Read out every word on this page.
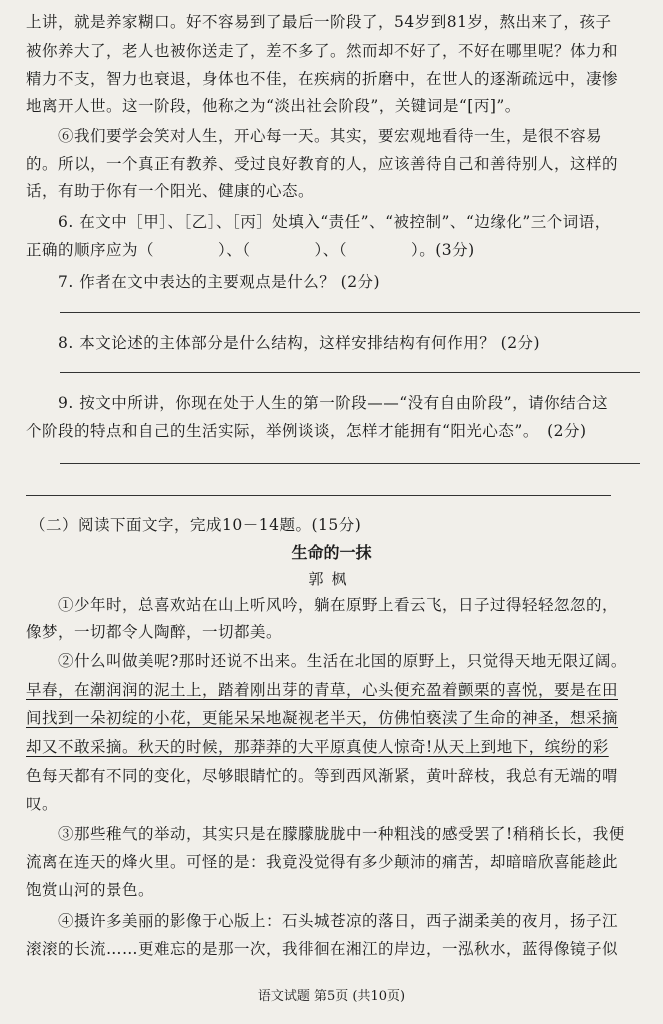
上讲，就是养家糊口。好不容易到了最后一阶段了，54岁到81岁，熬出来了，孩子
被你养大了，老人也被你送走了，差不多了。然而却不好了，不好在哪里呢？体力和
精力不支，智力也衰退，身体也不佳，在疾病的折磨中，在世人的逐渐疏远中，凄惨
地离开人世。这一阶段，他称之为“淡出社会阶段”，关键词是“[丙]”。
⑥我们要学会笑对人生，开心每一天。其实，要宏观地看待一生，是很不容易
的。所以，一个真正有教养、受过良好教育的人，应该善待自己和善待别人，这样的
话，有助于你有一个阳光、健康的心态。
6. 在文中［甲］、［乙］、［丙］处填入“责任”、“被控制”、“边缘化”三个词语，
正确的顺序应为（　　　　）、（　　　　）、（　　　　）。(3分)
7. 作者在文中表达的主要观点是什么？ (2分)
8. 本文论述的主体部分是什么结构，这样安排结构有何作用？ (2分)
9. 按文中所讲，你现在处于人生的第一阶段——“没有自由阶段”，请你结合这
个阶段的特点和自己的生活实际，举例谈谈，怎样才能拥有“阳光心态”。　(2分)
（二）阅读下面文字，完成10－14题。(15分)
生命的一抹
郭枫
①少年时，总喜欢站在山上听风吟，躺在原野上看云飞，日子过得轻轻忽忽的，
像梦，一切都令人陶醉，一切都美。
②什么叫做美呢?那时还说不出来。生活在北国的原野上，只觉得天地无限辽阔。
早春，在潮润润的泥土上，踏着刚出芽的青草，心头便充盈着颤栗的喜悦，要是在田
间找到一朵初绽的小花，更能呆呆地凝视老半天，仿佛怕亵渎了生命的神圣，想采摘
却又不敢采摘。秋天的时候，那莽莽的大平原真使人惊奇!从天上到地下，缤纷的彩
色每天都有不同的变化，尽够眼睛忙的。等到西风渐紧，黄叶辞枝，我总有无端的喟
叹。
③那些稚气的举动，其实只是在朦朦胧胧中一种粗浅的感受罢了!稍稍长长，我便
流离在连天的烽火里。可怪的是：我竟没觉得有多少颠沛的痛苦，却暗暗欣喜能趁此
饱赏山河的景色。
④摄许多美丽的影像于心版上：石头城苍凉的落日，西子湖柔美的夜月，扬子江
滚滚的长流……更难忘的是那一次，我徘徊在湘江的岸边，一泓秋水，蓝得像镜子似
语文试题 第5页 (共10页)
